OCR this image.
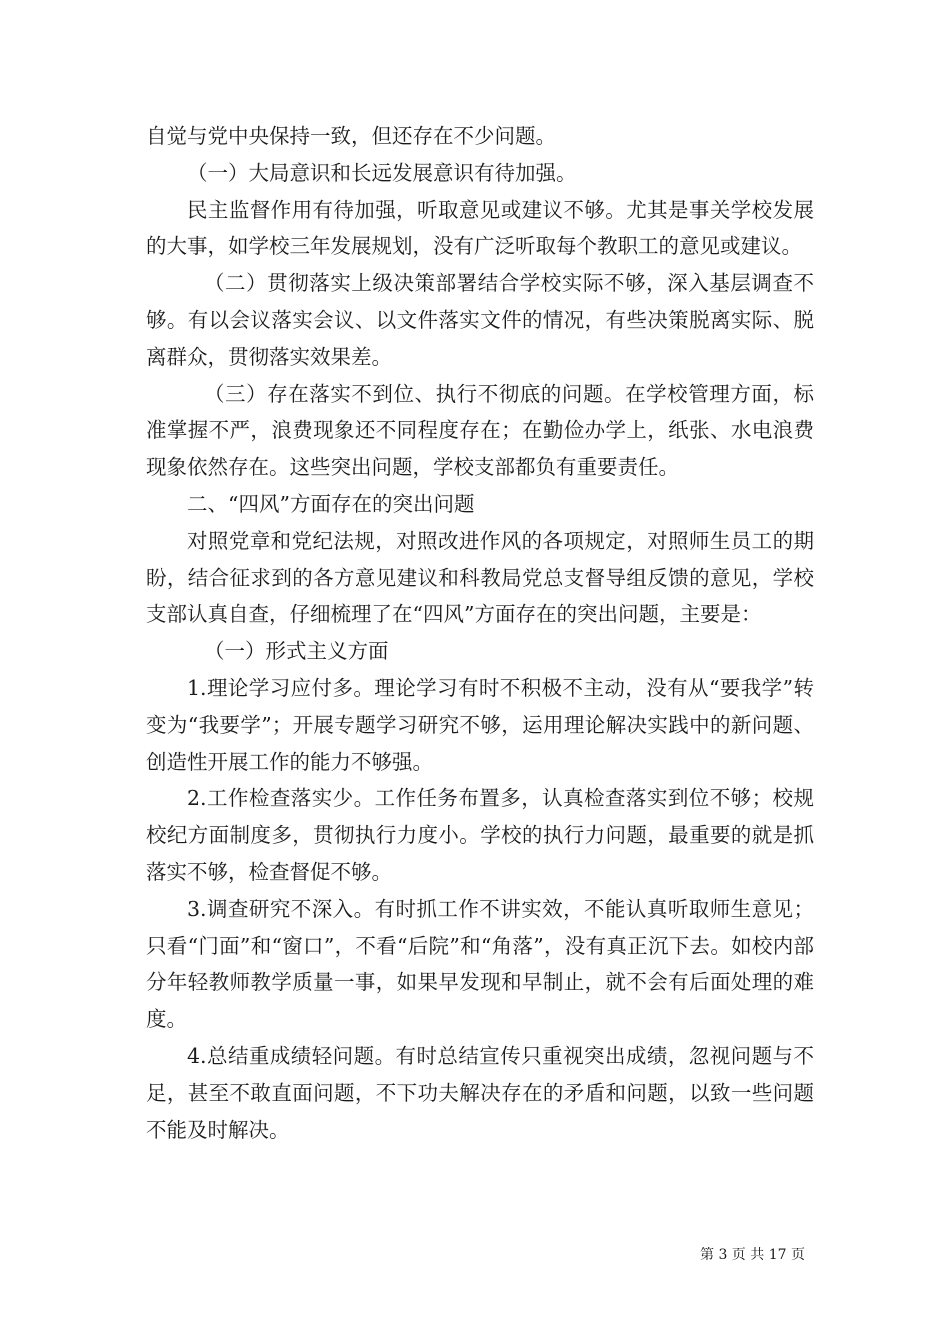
自觉与党中央保持一致，但还存在不少问题。

（一）大局意识和长远发展意识有待加强。

民主监督作用有待加强，听取意见或建议不够。尤其是事关学校发展的大事，如学校三年发展规划，没有广泛听取每个教职工的意见或建议。

（二）贯彻落实上级决策部署结合学校实际不够，深入基层调查不够。有以会议落实会议、以文件落实文件的情况，有些决策脱离实际、脱离群众，贯彻落实效果差。

（三）存在落实不到位、执行不彻底的问题。在学校管理方面，标准掌握不严，浪费现象还不同程度存在；在勤俭办学上，纸张、水电浪费现象依然存在。这些突出问题，学校支部都负有重要责任。

二、“四风”方面存在的突出问题

对照党章和党纪法规，对照改进作风的各项规定，对照师生员工的期盼，结合征求到的各方意见建议和科教局党总支督导组反馈的意见，学校支部认真自查，仔细梳理了在“四风”方面存在的突出问题，主要是：

（一）形式主义方面

1.理论学习应付多。理论学习有时不积极不主动，没有从“要我学”转变为“我要学”；开展专题学习研究不够，运用理论解决实践中的新问题、创造性开展工作的能力不够强。

2.工作检查落实少。工作任务布置多，认真检查落实到位不够；校规校纪方面制度多，贯彻执行力度小。学校的执行力问题，最重要的就是抓落实不够，检查督促不够。

3.调查研究不深入。有时抓工作不讲实效，不能认真听取师生意见；只看“门面”和“窗口”，不看“后院”和“角落”，没有真正沉下去。如校内部分年轻教师教学质量一事，如果早发现和早制止，就不会有后面处理的难度。

4.总结重成绩轻问题。有时总结宣传只重视突出成绩，忽视问题与不足，甚至不敢直面问题，不下功夫解决存在的矛盾和问题，以致一些问题不能及时解决。

第 3 页 共 17 页
